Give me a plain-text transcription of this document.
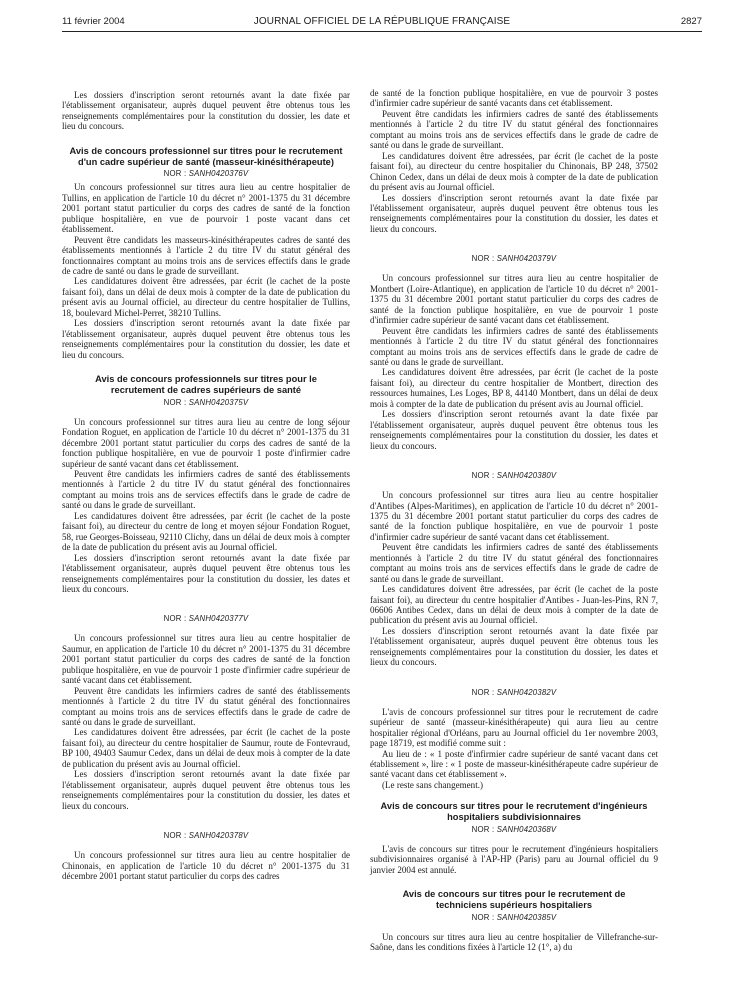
11 février 2004	JOURNAL OFFICIEL DE LA RÉPUBLIQUE FRANÇAISE	2827

Les dossiers d'inscription seront retournés avant la date fixée par l'établissement organisateur, auprès duquel peuvent être obtenus tous les renseignements complémentaires pour la constitution du dossier, les date et lieu du concours.

Avis de concours professionnel sur titres pour le recrutement d'un cadre supérieur de santé (masseur-kinésithérapeute)
NOR : SANH0420376V

Un concours professionnel sur titres aura lieu au centre hospitalier de Tullins, en application de l'article 10 du décret n° 2001-1375 du 31 décembre 2001 portant statut particulier du corps des cadres de santé de la fonction publique hospitalière, en vue de pourvoir 1 poste vacant dans cet établissement.

Peuvent être candidats les masseurs-kinésithérapeutes cadres de santé des établissements mentionnés à l'article 2 du titre IV du statut général des fonctionnaires comptant au moins trois ans de services effectifs dans le grade de cadre de santé ou dans le grade de surveillant.

Les candidatures doivent être adressées, par écrit (le cachet de la poste faisant foi), dans un délai de deux mois à compter de la date de publication du présent avis au Journal officiel, au directeur du centre hospitalier de Tullins, 18, boulevard Michel-Perret, 38210 Tullins.

Les dossiers d'inscription seront retournés avant la date fixée par l'établissement organisateur, auprès duquel peuvent être obtenus tous les renseignements complémentaires pour la constitution du dossier, les date et lieu du concours.

Avis de concours professionnels sur titres pour le recrutement de cadres supérieurs de santé
NOR : SANH0420375V

Un concours professionnel sur titres aura lieu au centre de long séjour Fondation Roguet, en application de l'article 10 du décret n° 2001-1375 du 31 décembre 2001 portant statut particulier du corps des cadres de santé de la fonction publique hospitalière, en vue de pourvoir 1 poste d'infirmier cadre supérieur de santé vacant dans cet établissement.

Peuvent être candidats les infirmiers cadres de santé des établissements mentionnés à l'article 2 du titre IV du statut général des fonctionnaires comptant au moins trois ans de services effectifs dans le grade de cadre de santé ou dans le grade de surveillant.

Les candidatures doivent être adressées, par écrit (le cachet de la poste faisant foi), au directeur du centre de long et moyen séjour Fondation Roguet, 58, rue Georges-Boisseau, 92110 Clichy, dans un délai de deux mois à compter de la date de publication du présent avis au Journal officiel.

Les dossiers d'inscription seront retournés avant la date fixée par l'établissement organisateur, auprès duquel peuvent être obtenus tous les renseignements complémentaires pour la constitution du dossier, les dates et lieux du concours.

NOR : SANH0420377V

Un concours professionnel sur titres aura lieu au centre hospitalier de Saumur, en application de l'article 10 du décret n° 2001-1375 du 31 décembre 2001 portant statut particulier du corps des cadres de santé de la fonction publique hospitalière, en vue de pourvoir 1 poste d'infirmier cadre supérieur de santé vacant dans cet établissement.

Peuvent être candidats les infirmiers cadres de santé des établissements mentionnés à l'article 2 du titre IV du statut général des fonctionnaires comptant au moins trois ans de services effectifs dans le grade de cadre de santé ou dans le grade de surveillant.

Les candidatures doivent être adressées, par écrit (le cachet de la poste faisant foi), au directeur du centre hospitalier de Saumur, route de Fontevraud, BP 100, 49403 Saumur Cedex, dans un délai de deux mois à compter de la date de publication du présent avis au Journal officiel.

Les dossiers d'inscription seront retournés avant la date fixée par l'établissement organisateur, auprès duquel peuvent être obtenus tous les renseignements complémentaires pour la constitution du dossier, les dates et lieux du concours.

NOR : SANH0420378V

Un concours professionnel sur titres aura lieu au centre hospitalier de Chinonais, en application de l'article 10 du décret n° 2001-1375 du 31 décembre 2001 portant statut particulier du corps des cadres

de santé de la fonction publique hospitalière, en vue de pourvoir 3 postes d'infirmier cadre supérieur de santé vacants dans cet établissement.

Peuvent être candidats les infirmiers cadres de santé des établissements mentionnés à l'article 2 du titre IV du statut général des fonctionnaires comptant au moins trois ans de services effectifs dans le grade de cadre de santé ou dans le grade de surveillant.

Les candidatures doivent être adressées, par écrit (le cachet de la poste faisant foi), au directeur du centre hospitalier du Chinonais, BP 248, 37502 Chinon Cedex, dans un délai de deux mois à compter de la date de publication du présent avis au Journal officiel.

Les dossiers d'inscription seront retournés avant la date fixée par l'établissement organisateur, auprès duquel peuvent être obtenus tous les renseignements complémentaires pour la constitution du dossier, les dates et lieux du concours.

NOR : SANH0420379V

Un concours professionnel sur titres aura lieu au centre hospitalier de Montbert (Loire-Atlantique), en application de l'article 10 du décret n° 2001-1375 du 31 décembre 2001 portant statut particulier du corps des cadres de santé de la fonction publique hospitalière, en vue de pourvoir 1 poste d'infirmier cadre supérieur de santé vacant dans cet établissement.

Peuvent être candidats les infirmiers cadres de santé des établissements mentionnés à l'article 2 du titre IV du statut général des fonctionnaires comptant au moins trois ans de services effectifs dans le grade de cadre de santé ou dans le grade de surveillant.

Les candidatures doivent être adressées, par écrit (le cachet de la poste faisant foi), au directeur du centre hospitalier de Montbert, direction des ressources humaines, Les Loges, BP 8, 44140 Montbert, dans un délai de deux mois à compter de la date de publication du présent avis au Journal officiel.

Les dossiers d'inscription seront retournés avant la date fixée par l'établissement organisateur, auprès duquel peuvent être obtenus tous les renseignements complémentaires pour la constitution du dossier, les dates et lieux du concours.

NOR : SANH0420380V

Un concours professionnel sur titres aura lieu au centre hospitalier d'Antibes (Alpes-Maritimes), en application de l'article 10 du décret n° 2001-1375 du 31 décembre 2001 portant statut particulier du corps des cadres de santé de la fonction publique hospitalière, en vue de pourvoir 1 poste d'infirmier cadre supérieur de santé vacant dans cet établissement.

Peuvent être candidats les infirmiers cadres de santé des établissements mentionnés à l'article 2 du titre IV du statut général des fonctionnaires comptant au moins trois ans de services effectifs dans le grade de cadre de santé ou dans le grade de surveillant.

Les candidatures doivent être adressées, par écrit (le cachet de la poste faisant foi), au directeur du centre hospitalier d'Antibes - Juan-les-Pins, RN 7, 06606 Antibes Cedex, dans un délai de deux mois à compter de la date de publication du présent avis au Journal officiel.

Les dossiers d'inscription seront retournés avant la date fixée par l'établissement organisateur, auprès duquel peuvent être obtenus tous les renseignements complémentaires pour la constitution du dossier, les dates et lieux du concours.

NOR : SANH0420382V

L'avis de concours professionnel sur titres pour le recrutement de cadre supérieur de santé (masseur-kinésithérapeute) qui aura lieu au centre hospitalier régional d'Orléans, paru au Journal officiel du 1er novembre 2003, page 18719, est modifié comme suit :

Au lieu de : « 1 poste d'infirmier cadre supérieur de santé vacant dans cet établissement », lire : « 1 poste de masseur-kinésithérapeute cadre supérieur de santé vacant dans cet établissement ».

(Le reste sans changement.)

Avis de concours sur titres pour le recrutement d'ingénieurs hospitaliers subdivisionnaires
NOR : SANH0420368V

L'avis de concours sur titres pour le recrutement d'ingénieurs hospitaliers subdivisionnaires organisé à l'AP-HP (Paris) paru au Journal officiel du 9 janvier 2004 est annulé.

Avis de concours sur titres pour le recrutement de techniciens supérieurs hospitaliers
NOR : SANH0420385V

Un concours sur titres aura lieu au centre hospitalier de Villefranche-sur-Saône, dans les conditions fixées à l'article 12 (1°, a) du
